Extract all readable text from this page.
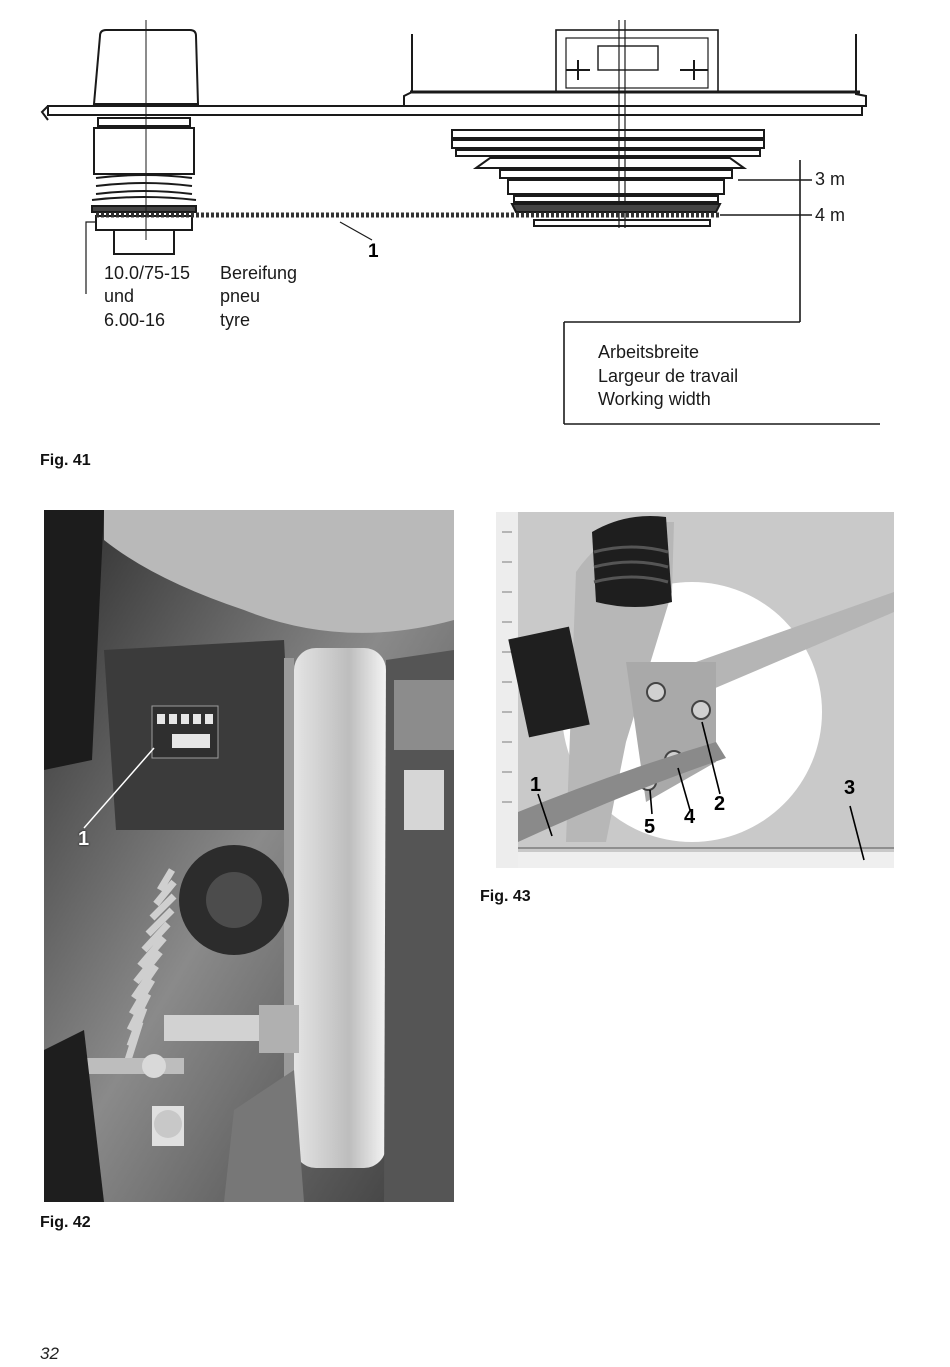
1
3 m
4 m
10.0/75-15
und
6.00-16
Bereifung
pneu
tyre
Arbeitsbreite
Largeur de travail
Working width
Fig. 41
1
Fig. 42
1
2
3
4
5
Fig. 43
32
